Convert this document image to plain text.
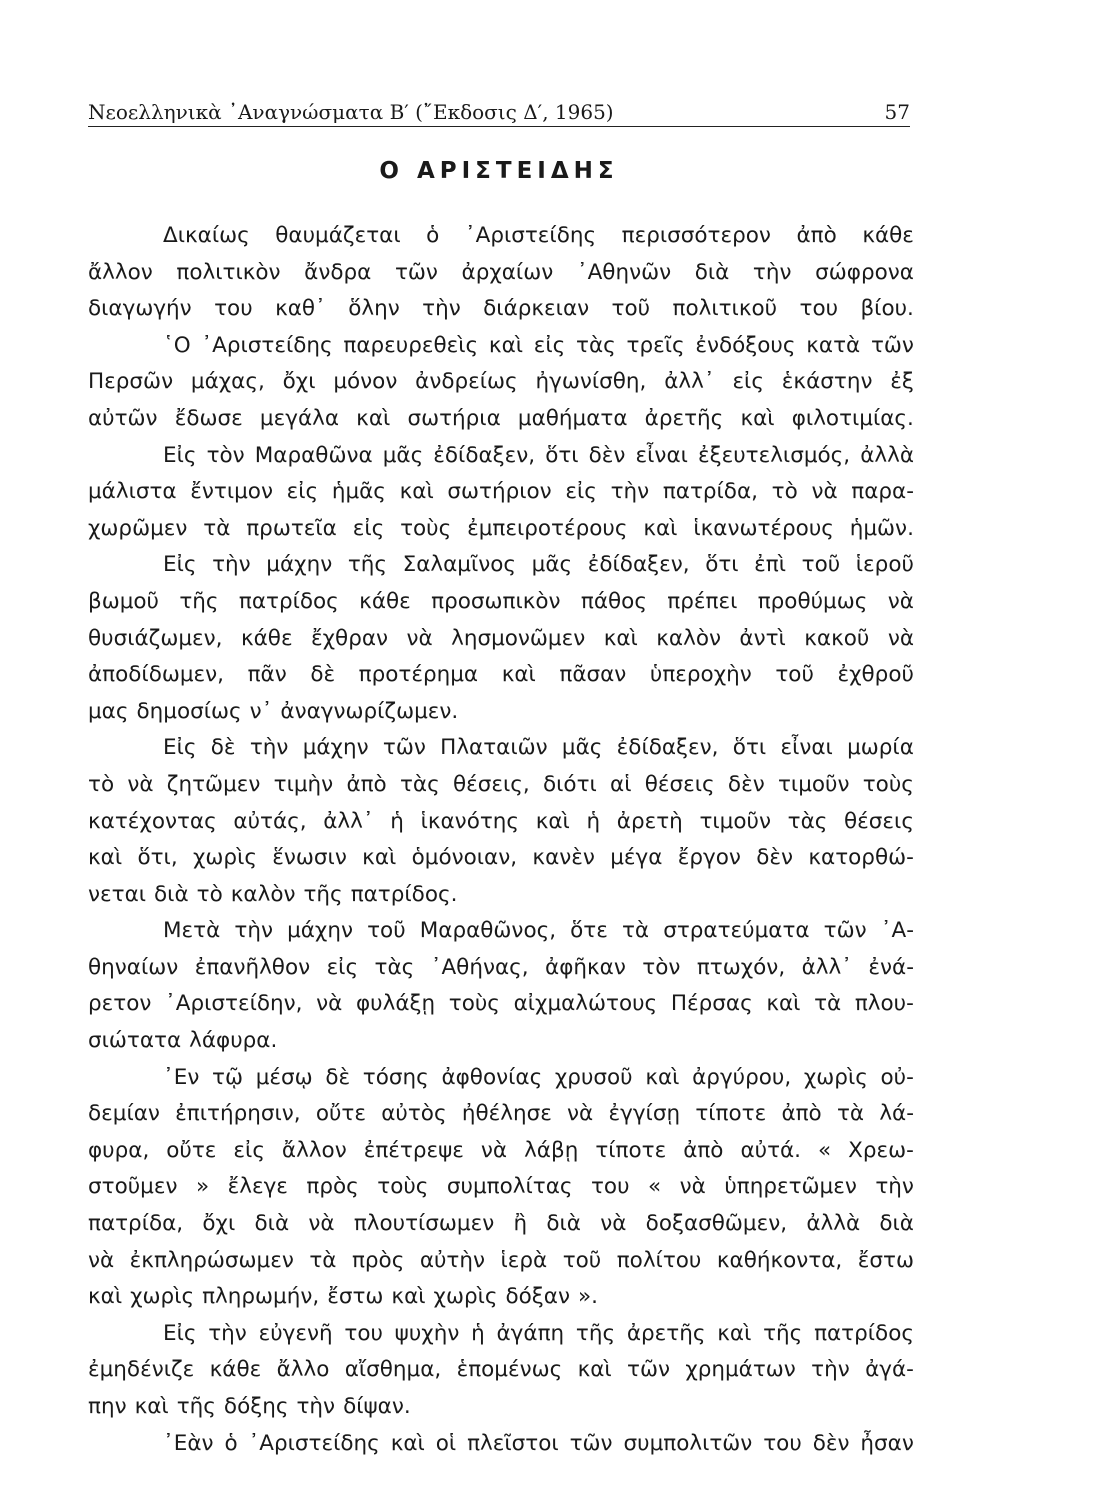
Νεοελληνικὰ ᾿Αναγνώσματα Β′ (῎Εκδοσις Δ′, 1965)	57
Ο ΑΡΙΣΤΕΙΔΗΣ
Δικαίως θαυμάζεται ὁ ᾿Αριστείδης περισσότερον ἀπὸ κάθε
ἄλλον πολιτικὸν ἄνδρα τῶν ἀρχαίων ᾿Αθηνῶν διὰ τὴν σώφρονα
διαγωγήν του καθ᾿ ὅλην τὴν διάρκειαν τοῦ πολιτικοῦ του βίου.
῾Ο ᾿Αριστείδης παρευρεθεὶς καὶ εἰς τὰς τρεῖς ἐνδόξους κατὰ τῶν
Περσῶν μάχας, ὄχι μόνον ἀνδρείως ἠγωνίσθη, ἀλλ᾿ εἰς ἑκάστην ἐξ
αὐτῶν ἔδωσε μεγάλα καὶ σωτήρια μαθήματα ἀρετῆς καὶ φιλοτιμίας.
Εἰς τὸν Μαραθῶνα μᾶς ἐδίδαξεν, ὅτι δὲν εἶναι ἐξευτελισμός, ἀλλὰ
μάλιστα ἔντιμον εἰς ἡμᾶς καὶ σωτήριον εἰς τὴν πατρίδα, τὸ νὰ παρα-
χωρῶμεν τὰ πρωτεῖα εἰς τοὺς ἐμπειροτέρους καὶ ἱκανωτέρους ἡμῶν.
Εἰς τὴν μάχην τῆς Σαλαμῖνος μᾶς ἐδίδαξεν, ὅτι ἐπὶ τοῦ ἱεροῦ
βωμοῦ τῆς πατρίδος κάθε προσωπικὸν πάθος πρέπει προθύμως νὰ
θυσιάζωμεν, κάθε ἔχθραν νὰ λησμονῶμεν καὶ καλὸν ἀντὶ κακοῦ νὰ
ἀποδίδωμεν, πᾶν δὲ προτέρημα καὶ πᾶσαν ὑπεροχὴν τοῦ ἐχθροῦ
μας δημοσίως ν᾿ ἀναγνωρίζωμεν.
Εἰς δὲ τὴν μάχην τῶν Πλαταιῶν μᾶς ἐδίδαξεν, ὅτι εἶναι μωρία
τὸ νὰ ζητῶμεν τιμὴν ἀπὸ τὰς θέσεις, διότι αἱ θέσεις δὲν τιμοῦν τοὺς
κατέχοντας αὐτάς, ἀλλ᾿ ἡ ἱκανότης καὶ ἡ ἀρετὴ τιμοῦν τὰς θέσεις
καὶ ὅτι, χωρὶς ἕνωσιν καὶ ὁμόνοιαν, κανὲν μέγα ἔργον δὲν κατορθώ-
νεται διὰ τὸ καλὸν τῆς πατρίδος.
Μετὰ τὴν μάχην τοῦ Μαραθῶνος, ὅτε τὰ στρατεύματα τῶν ᾿Α-
θηναίων ἐπανῆλθον εἰς τὰς ᾿Αθήνας, ἀφῆκαν τὸν πτωχόν, ἀλλ᾿ ἐνά-
ρετον ᾿Αριστείδην, νὰ φυλάξῃ τοὺς αἰχμαλώτους Πέρσας καὶ τὰ πλου-
σιώτατα λάφυρα.
᾿Εν τῷ μέσῳ δὲ τόσης ἀφθονίας χρυσοῦ καὶ ἀργύρου, χωρὶς οὐ-
δεμίαν ἐπιτήρησιν, οὔτε αὐτὸς ἠθέλησε νὰ ἐγγίσῃ τίποτε ἀπὸ τὰ λά-
φυρα, οὔτε εἰς ἄλλον ἐπέτρεψε νὰ λάβῃ τίποτε ἀπὸ αὐτά. « Χρεω-
στοῦμεν » ἔλεγε πρὸς τοὺς συμπολίτας του « νὰ ὑπηρετῶμεν τὴν
πατρίδα, ὄχι διὰ νὰ πλουτίσωμεν ἢ διὰ νὰ δοξασθῶμεν, ἀλλὰ διὰ
νὰ ἐκπληρώσωμεν τὰ πρὸς αὐτὴν ἱερὰ τοῦ πολίτου καθήκοντα, ἔστω
καὶ χωρὶς πληρωμήν, ἔστω καὶ χωρὶς δόξαν ».
Εἰς τὴν εὐγενῆ του ψυχὴν ἡ ἀγάπη τῆς ἀρετῆς καὶ τῆς πατρίδος
ἐμηδένιζε κάθε ἄλλο αἴσθημα, ἑπομένως καὶ τῶν χρημάτων τὴν ἀγά-
πην καὶ τῆς δόξης τὴν δίψαν.
᾿Εὰν ὁ ᾿Αριστείδης καὶ οἱ πλεῖστοι τῶν συμπολιτῶν του δὲν ἦσαν
